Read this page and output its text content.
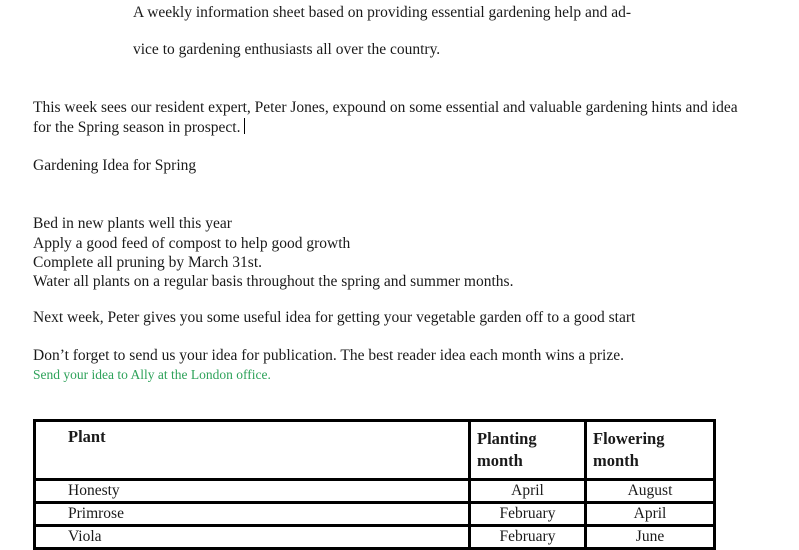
A weekly information sheet based on providing essential gardening help and ad-
vice to gardening enthusiasts all over the country.
This week sees our resident expert, Peter Jones, expound on some essential and valuable gardening hints and idea
for the Spring season in prospect.
Gardening Idea for Spring
Bed in new plants well this year
Apply a good feed of compost to help good growth
Complete all pruning by March 31st.
Water all plants on a regular basis throughout the spring and summer months.
Next week, Peter gives you some useful idea for getting your vegetable garden off to a good start
Don’t forget to send us your idea for publication. The best reader idea each month wins a prize.
Send your idea to Ally at the London office.
Plant	Planting month	Flowering month

Honesty	April	August

Primrose	February	April

Viola	February	June
